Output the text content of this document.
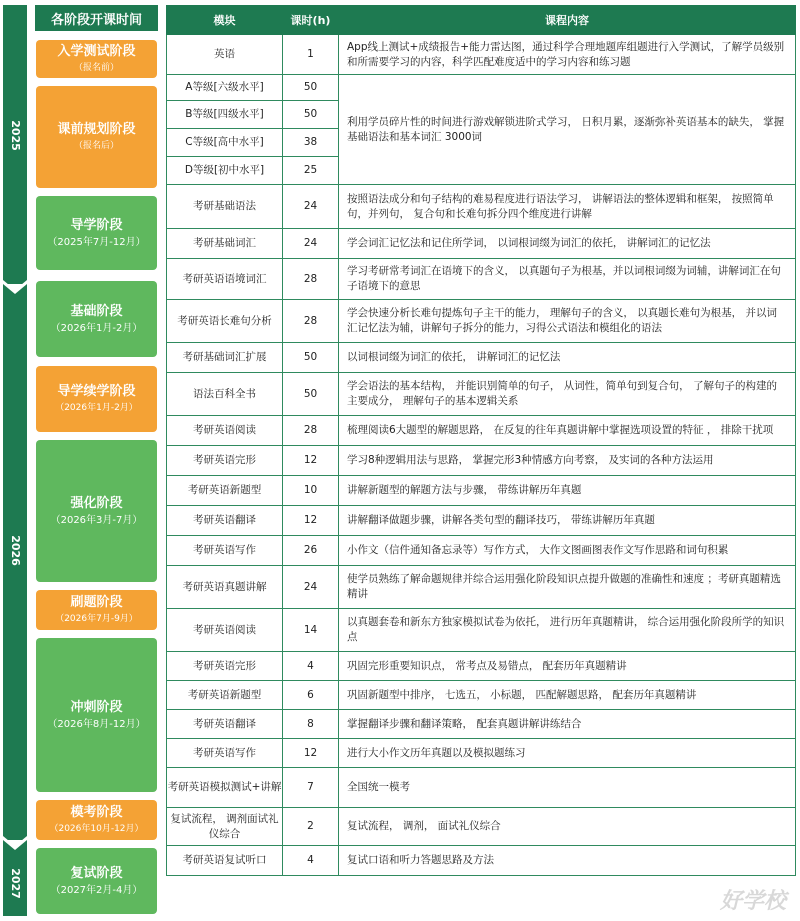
2025
2026
2027
各阶段开课时间
入学测试阶段
（报名前）
课前规划阶段
（报名后）
导学阶段
（2025年7月-12月）
基础阶段
（2026年1月-2月）
导学续学阶段
（2026年1月-2月）
强化阶段
（2026年3月-7月）
刷题阶段
（2026年7月-9月）
冲刺阶段
（2026年8月-12月）
模考阶段
（2026年10月-12月）
复试阶段
（2027年2月-4月）
模块	课时(h)	课程内容
英语	1	App线上测试+成绩报告+能力雷达图，通过科学合理地题库组题进行入学测试，了解学员级别和所需要学习的内容，科学匹配难度适中的学习内容和练习题
A等级[六级水平]	50	利用学员碎片性的时间进行游戏解锁进阶式学习， 日积月累，逐渐弥补英语基本的缺失， 掌握基础语法和基本词汇 3000词
B等级[四级水平]	50	
C等级[高中水平]	38	
D等级[初中水平]	25	
考研基础语法	24	按照语法成分和句子结构的难易程度进行语法学习， 讲解语法的整体逻辑和框架， 按照简单句，并列句， 复合句和长难句拆分四个维度进行讲解
考研基础词汇	24	学会词汇记忆法和记住所学词， 以词根词缀为词汇的依托， 讲解词汇的记忆法
考研英语语境词汇	28	学习考研常考词汇在语境下的含义， 以真题句子为根基，并以词根词缀为词辅，讲解词汇在句子语境下的意思
考研英语长难句分析	28	学会快速分析长难句提炼句子主干的能力， 理解句子的含义， 以真题长难句为根基， 并以词汇记忆法为辅，讲解句子拆分的能力，习得公式语法和模组化的语法
考研基础词汇扩展	50	以词根词缀为词汇的依托， 讲解词汇的记忆法
语法百科全书	50	学会语法的基本结构， 并能识别简单的句子， 从词性，简单句到复合句， 了解句子的构建的主要成分， 理解句子的基本逻辑关系
考研英语阅读	28	梳理阅读6大题型的解题思路， 在反复的往年真题讲解中掌握选项设置的特征 ， 排除干扰项
考研英语完形	12	学习8种逻辑用法与思路， 掌握完形3种情感方向考察， 及实词的各种方法运用
考研英语新题型	10	讲解新题型的解题方法与步骤， 带练讲解历年真题
考研英语翻译	12	讲解翻译做题步骤，讲解各类句型的翻译技巧， 带练讲解历年真题
考研英语写作	26	小作文（信件通知备忘录等）写作方式， 大作文图画图表作文写作思路和词句积累
考研英语真题讲解	24	使学员熟练了解命题规律并综合运用强化阶段知识点提升做题的准确性和速度 ；考研真题精选精讲
考研英语阅读	14	以真题套卷和新东方独家模拟试卷为依托， 进行历年真题精讲， 综合运用强化阶段所学的知识点
考研英语完形	4	巩固完形重要知识点， 常考点及易错点， 配套历年真题精讲
考研英语新题型	6	巩固新题型中排序， 七选五， 小标题， 匹配解题思路， 配套历年真题精讲
考研英语翻译	8	掌握翻译步骤和翻译策略， 配套真题讲解讲练结合
考研英语写作	12	进行大小作文历年真题以及模拟题练习
考研英语模拟测试+讲解	7	全国统一模考
复试流程， 调剂面试礼仪综合	2	复试流程， 调剂， 面试礼仪综合
考研英语复试听口	4	复试口语和听力答题思路及方法
好学校
